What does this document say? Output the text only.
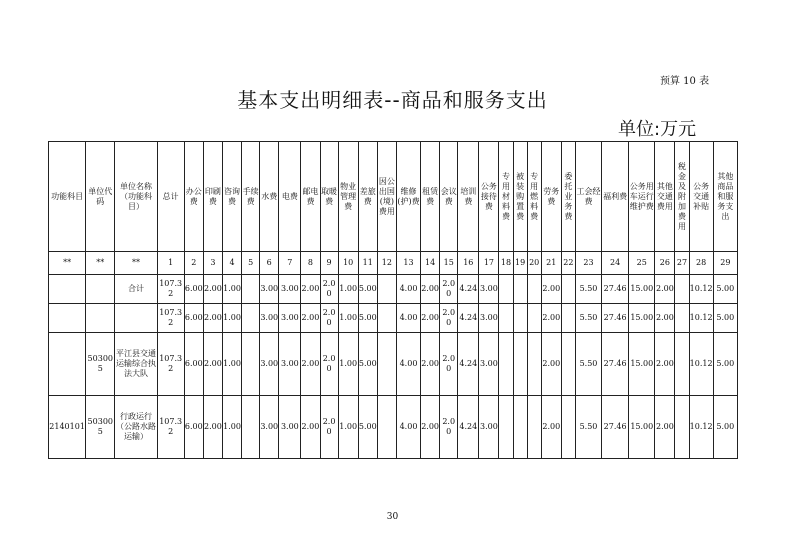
预算 10 表
基本支出明细表--商品和服务支出
单位:万元
功能科目	单位代码	单位名称（功能科目）	总计	办公费	印刷费	咨询费	手续费	水费	电费	邮电费	取暖费	物业管理费	差旅费	因公出国(境)费用	维修(护)费	租赁费	会议费	培训费	公务接待费	专用材料费	被装购置费	专用燃料费	劳务费	委托业务费	工会经费	福利费	公务用车运行维护费	其他交通费用	税金及附加费用	公务交通补贴	其他商品和服务支出
**	**	**	1	2	3	4	5	6	7	8	9	10	11	12	13	14	15	16	17	18	19	20	21	22	23	24	25	26	27	28	29
		合计	107.32	6.00	2.00	1.00		3.00	3.00	2.00	2.00	1.00	5.00		4.00	2.00	2.00	4.24	3.00				2.00		5.50	27.46	15.00	2.00		10.12	5.00
			107.32	6.00	2.00	1.00		3.00	3.00	2.00	2.00	1.00	5.00		4.00	2.00	2.00	4.24	3.00				2.00		5.50	27.46	15.00	2.00		10.12	5.00
	503005	平江县交通运输综合执法大队	107.32	6.00	2.00	1.00		3.00	3.00	2.00	2.00	1.00	5.00		4.00	2.00	2.00	4.24	3.00				2.00		5.50	27.46	15.00	2.00		10.12	5.00
2140101	503005	行政运行（公路水路运输）	107.32	6.00	2.00	1.00		3.00	3.00	2.00	2.00	1.00	5.00		4.00	2.00	2.00	4.24	3.00				2.00		5.50	27.46	15.00	2.00		10.12	5.00
30
